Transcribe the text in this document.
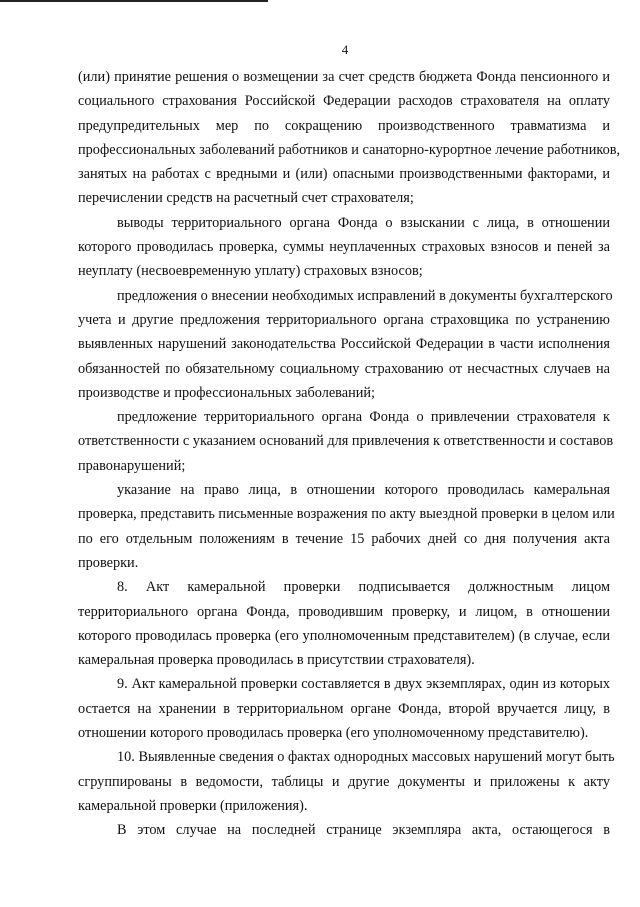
4
(или) принятие решения о возмещении за счет средств бюджета Фонда пенсионного и
социального страхования Российской Федерации расходов страхователя на оплату
предупредительных мер по сокращению производственного травматизма и
профессиональных заболеваний работников и санаторно-курортное лечение работников,
занятых на работах с вредными и (или) опасными производственными факторами, и
перечислении средств на расчетный счет страхователя;
выводы территориального органа Фонда о взыскании с лица, в отношении
которого проводилась проверка, суммы неуплаченных страховых взносов и пеней за
неуплату (несвоевременную уплату) страховых взносов;
предложения о внесении необходимых исправлений в документы бухгалтерского
учета и другие предложения территориального органа страховщика по устранению
выявленных нарушений законодательства Российской Федерации в части исполнения
обязанностей по обязательному социальному страхованию от несчастных случаев на
производстве и профессиональных заболеваний;
предложение территориального органа Фонда о привлечении страхователя к
ответственности с указанием оснований для привлечения к ответственности и составов
правонарушений;
указание на право лица, в отношении которого проводилась камеральная
проверка, представить письменные возражения по акту выездной проверки в целом или
по его отдельным положениям в течение 15 рабочих дней со дня получения акта
проверки.
8. Акт камеральной проверки подписывается должностным лицом
территориального органа Фонда, проводившим проверку, и лицом, в отношении
которого проводилась проверка (его уполномоченным представителем) (в случае, если
камеральная проверка проводилась в присутствии страхователя).
9. Акт камеральной проверки составляется в двух экземплярах, один из которых
остается на хранении в территориальном органе Фонда, второй вручается лицу, в
отношении которого проводилась проверка (его уполномоченному представителю).
10. Выявленные сведения о фактах однородных массовых нарушений могут быть
сгруппированы в ведомости, таблицы и другие документы и приложены к акту
камеральной проверки (приложения).
В этом случае на последней странице экземпляра акта, остающегося в
